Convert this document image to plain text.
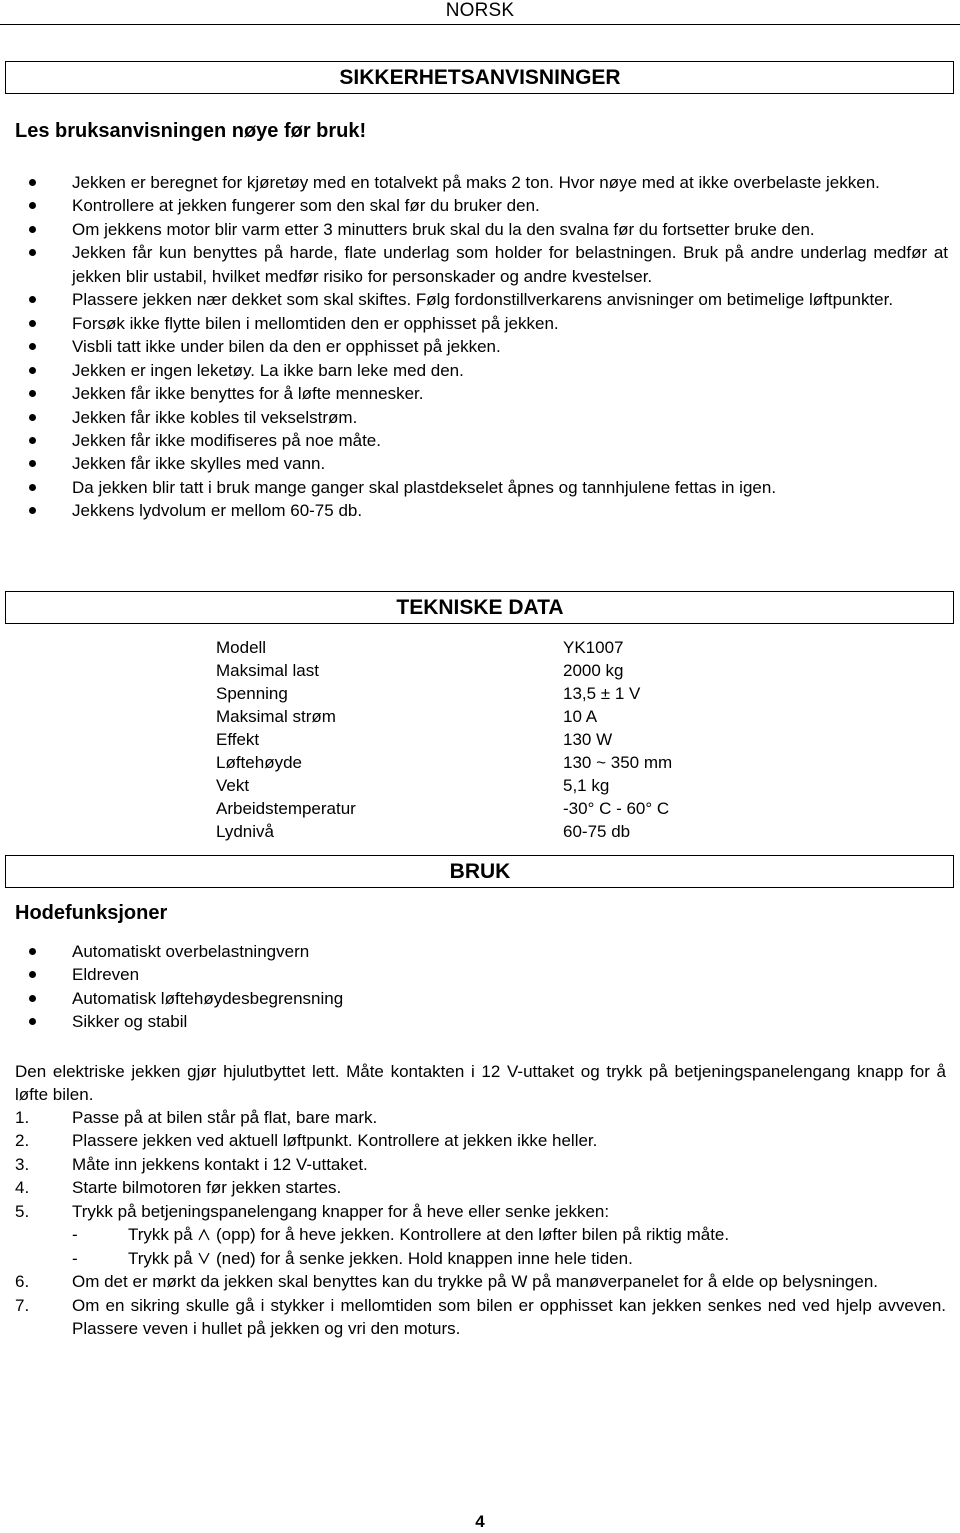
NORSK
SIKKERHETSANVISNINGER
Les bruksanvisningen nøye før bruk!
Jekken er beregnet for kjøretøy med en totalvekt på maks 2 ton. Hvor nøye med at ikke overbelaste jekken.
Kontrollere at jekken fungerer som den skal før du bruker den.
Om jekkens motor blir varm etter 3 minutters bruk skal du la den svalna før du fortsetter bruke den.
Jekken får kun benyttes på harde, flate underlag som holder for belastningen. Bruk på andre underlag medfør at jekken blir ustabil, hvilket medfør risiko for personskader og andre kvestelser.
Plassere jekken nær dekket som skal skiftes. Følg fordonstillverkarens anvisninger om betimelige løftpunkter.
Forsøk ikke flytte bilen i mellomtiden den er opphisset på jekken.
Visbli tatt ikke under bilen da den er opphisset på jekken.
Jekken er ingen leketøy. La ikke barn leke med den.
Jekken får ikke benyttes for å løfte mennesker.
Jekken får ikke kobles til vekselstrøm.
Jekken får ikke modifiseres på noe måte.
Jekken får ikke skylles med vann.
Da jekken blir tatt i bruk mange ganger skal plastdekselet åpnes og tannhjulene fettas in igen.
Jekkens lydvolum er mellom 60-75 db.
TEKNISKE DATA
Modell	YK1007
Maksimal last	2000 kg
Spenning	13,5 ± 1 V
Maksimal strøm	10 A
Effekt	130 W
Løftehøyde	130 ~ 350 mm
Vekt	5,1 kg
Arbeidstemperatur	-30° C - 60° C
Lydnivå	60-75 db
BRUK
Hodefunksjoner
Automatiskt overbelastningvern
Eldreven
Automatisk løftehøydesbegrensning
Sikker og stabil
Den elektriske jekken gjør hjulutbyttet lett. Måte kontakten i 12 V-uttaket og trykk på betjeningspanelengang knapp for å løfte bilen.
1.	Passe på at bilen står på flat, bare mark.
2.	Plassere jekken ved aktuell løftpunkt. Kontrollere at jekken ikke heller.
3.	Måte inn jekkens kontakt i 12 V-uttaket.
4.	Starte bilmotoren før jekken startes.
5.	Trykk på betjeningspanelengang knapper for å heve eller senke jekken:
-	Trykk på (opp) for å heve jekken. Kontrollere at den løfter bilen på riktig måte.
-	Trykk på (ned) for å senke jekken. Hold knappen inne hele tiden.
6.	Om det er mørkt da jekken skal benyttes kan du trykke på W på manøverpanelet for å elde op belysningen.
7.	Om en sikring skulle gå i stykker i mellomtiden som bilen er opphisset kan jekken senkes ned ved hjelp avveven. Plassere veven i hullet på jekken og vri den moturs.
4
